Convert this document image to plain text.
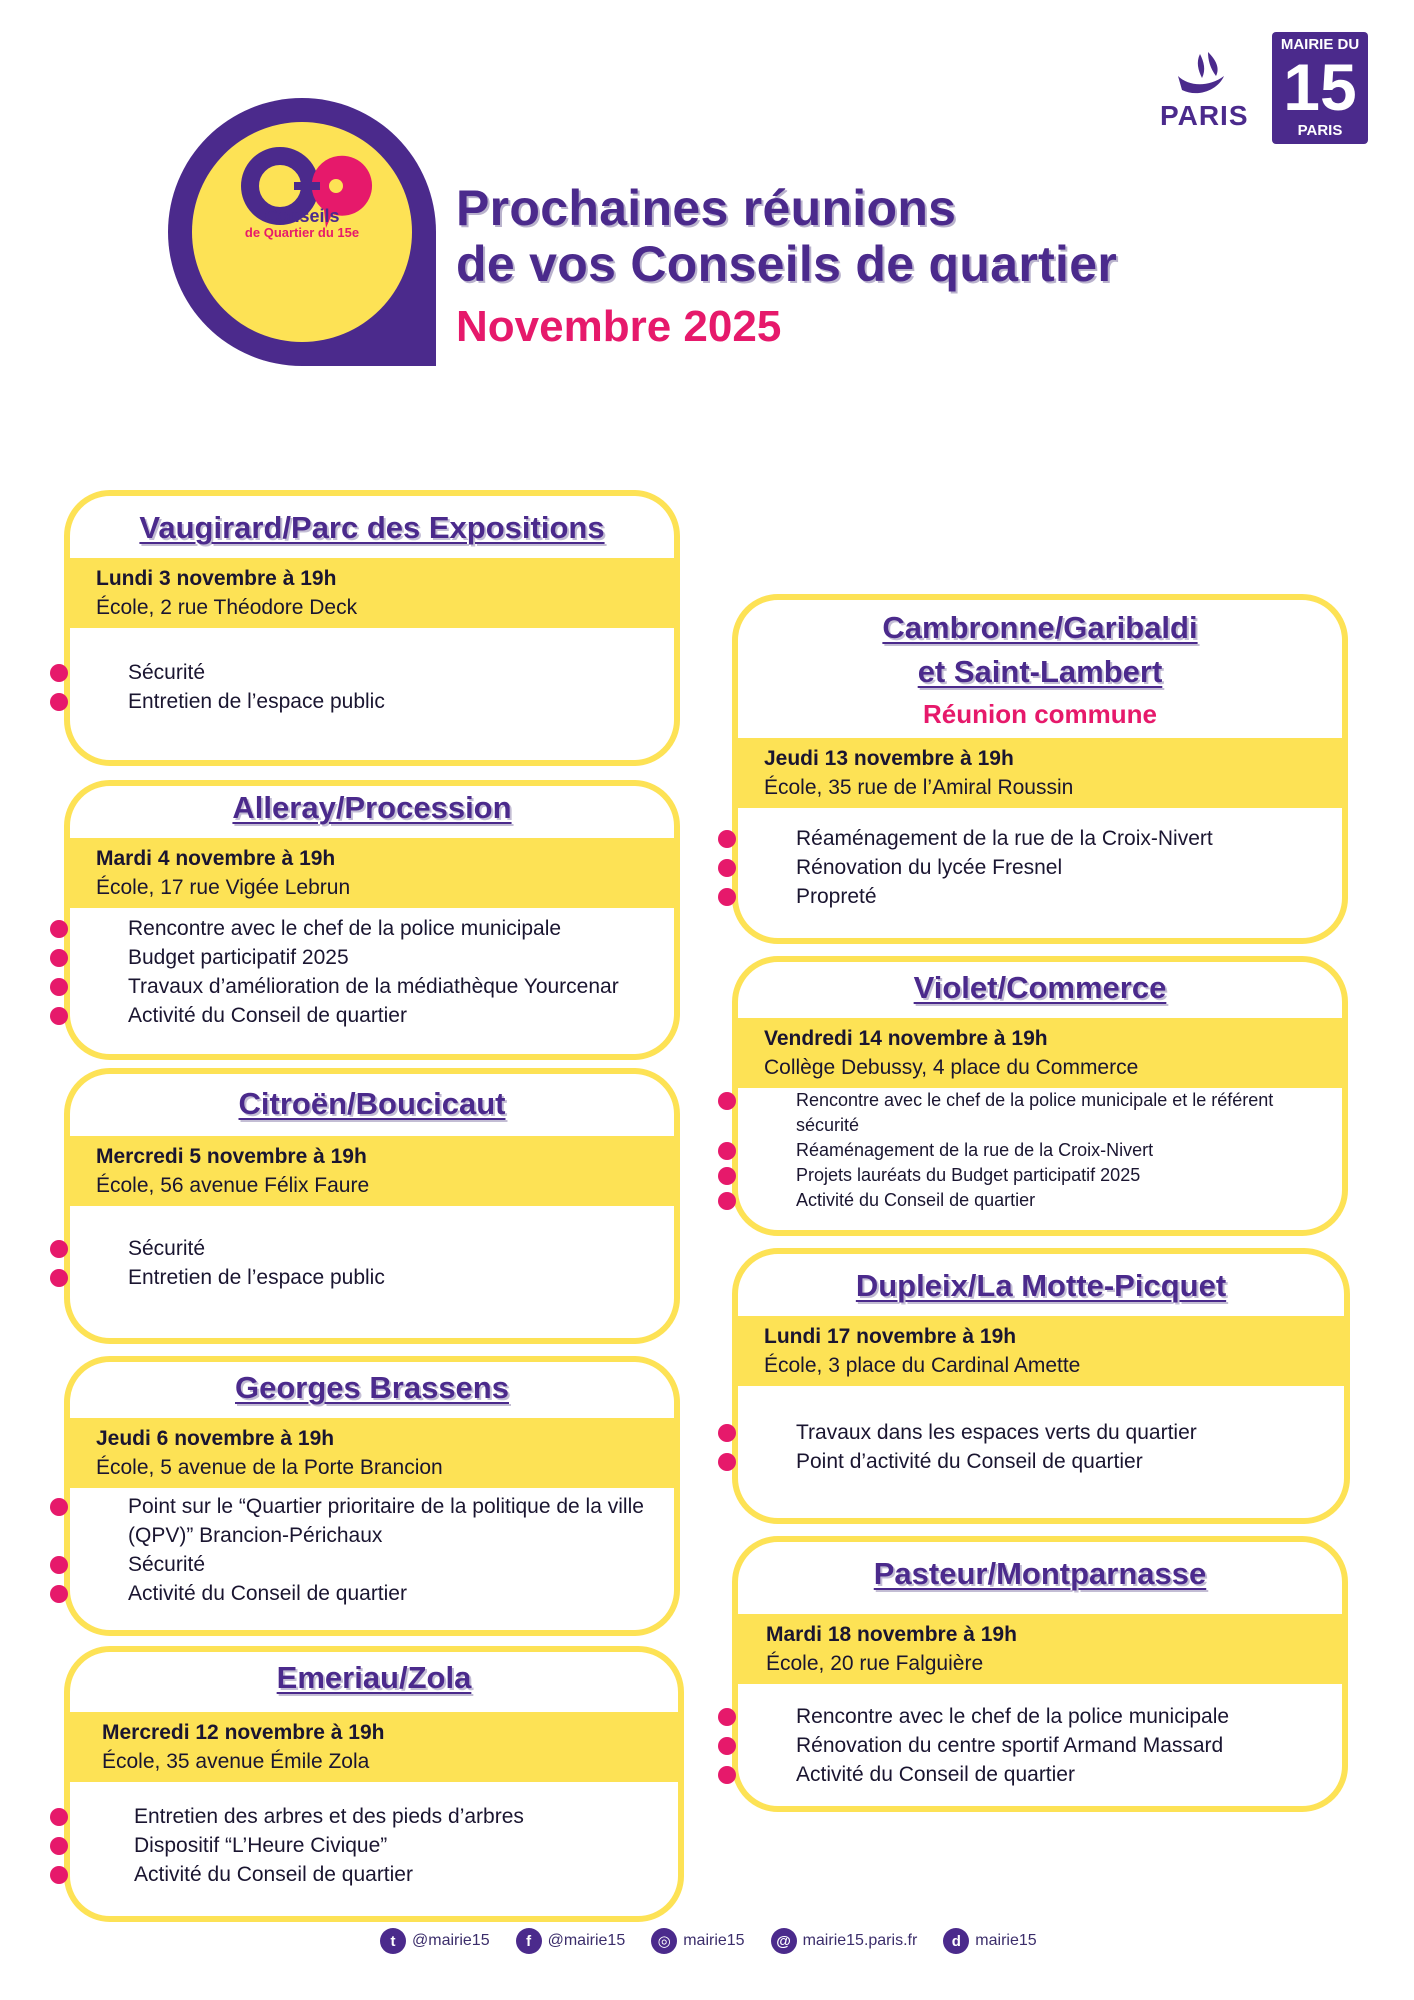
Conseils
de Quartier du 15e	Prochaines réunions
de vos Conseils de quartier
Novembre 2025
PARIS
MAIRIE DU
15
PARIS
Vaugirard/Parc des Expositions
Lundi 3 novembre à 19h
École, 2 rue Théodore Deck
Sécurité
Entretien de l’espace public
Alleray/Procession
Mardi 4 novembre à 19h
École, 17 rue Vigée Lebrun
Rencontre avec le chef de la police municipale
Budget participatif 2025
Travaux d’amélioration de la médiathèque Yourcenar
Activité du Conseil de quartier
Citroën/Boucicaut
Mercredi 5 novembre à 19h
École, 56 avenue Félix Faure
Sécurité
Entretien de l’espace public
Georges Brassens
Jeudi 6 novembre à 19h
École, 5 avenue de la Porte Brancion
Point sur le “Quartier prioritaire de la politique de la ville (QPV)” Brancion-Périchaux
Sécurité
Activité du Conseil de quartier
Emeriau/Zola
Mercredi 12 novembre à 19h
École, 35 avenue Émile Zola
Entretien des arbres et des pieds d’arbres
Dispositif “L’Heure Civique”
Activité du Conseil de quartier
Cambronne/Garibaldi
et Saint-Lambert
Réunion commune
Jeudi 13 novembre à 19h
École, 35 rue de l’Amiral Roussin
Réaménagement de la rue de la Croix-Nivert
Rénovation du lycée Fresnel
Propreté
Violet/Commerce
Vendredi 14 novembre à 19h
Collège Debussy, 4 place du Commerce
Rencontre avec le chef de la police municipale et le référent sécurité
Réaménagement de la rue de la Croix-Nivert
Projets lauréats du Budget participatif 2025
Activité du Conseil de quartier
Dupleix/La Motte-Picquet
Lundi 17 novembre à 19h
École, 3 place du Cardinal Amette
Travaux dans les espaces verts du quartier
Point d’activité du Conseil de quartier
Pasteur/Montparnasse
Mardi 18 novembre à 19h
École, 20 rue Falguière
Rencontre avec le chef de la police municipale
Rénovation du centre sportif Armand Massard
Activité du Conseil de quartier
t	@mairie15	f	@mairie15	◎ mairie15	@ mairie15.paris.fr	d mairie15
